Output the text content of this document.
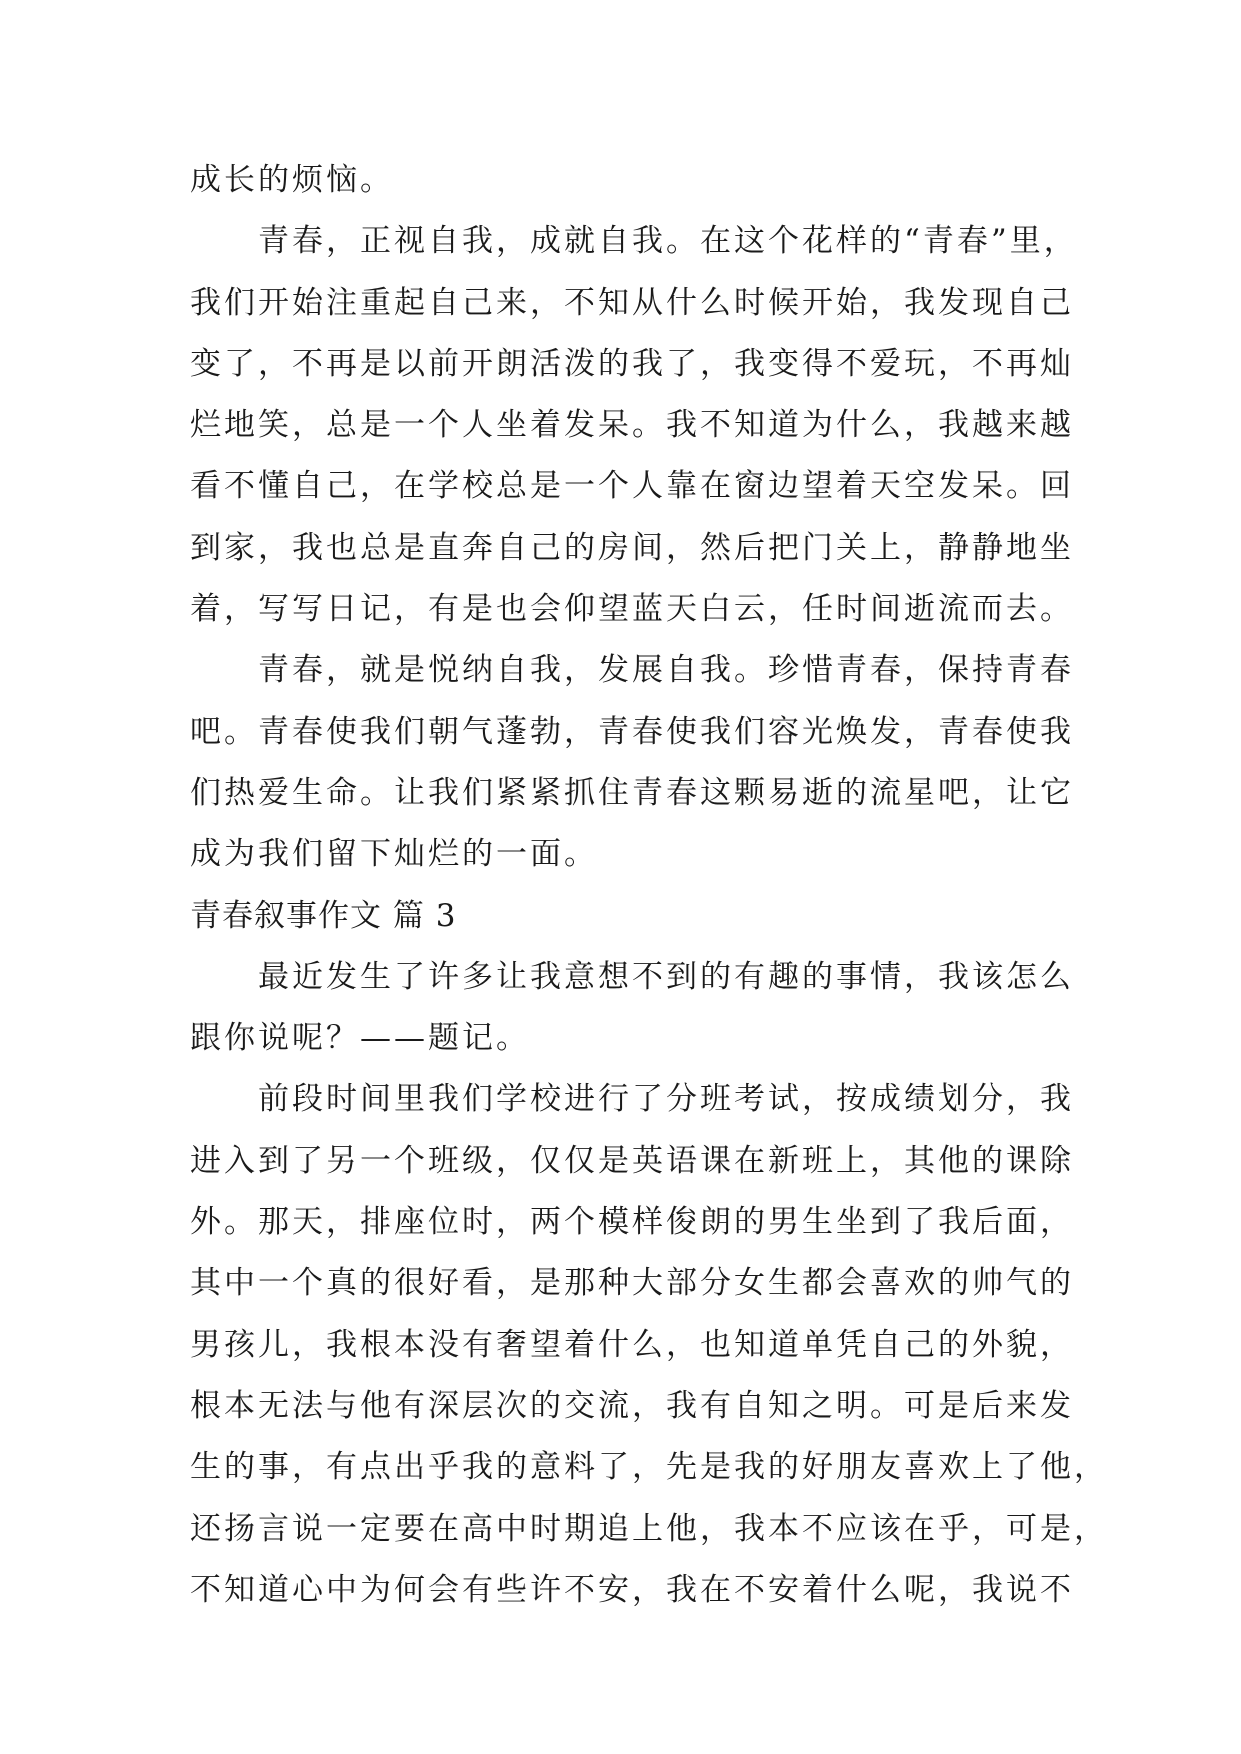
成长的烦恼。
青春，正视自我，成就自我。在这个花样的“青春”里，
我们开始注重起自己来，不知从什么时候开始，我发现自己
变了，不再是以前开朗活泼的我了，我变得不爱玩，不再灿
烂地笑，总是一个人坐着发呆。我不知道为什么，我越来越
看不懂自己，在学校总是一个人靠在窗边望着天空发呆。回
到家，我也总是直奔自己的房间，然后把门关上，静静地坐
着，写写日记，有是也会仰望蓝天白云，任时间逝流而去。
青春，就是悦纳自我，发展自我。珍惜青春，保持青春
吧。青春使我们朝气蓬勃，青春使我们容光焕发，青春使我
们热爱生命。让我们紧紧抓住青春这颗易逝的流星吧，让它
成为我们留下灿烂的一面。
青春叙事作文 篇 3
最近发生了许多让我意想不到的有趣的事情，我该怎么
跟你说呢？——题记。
前段时间里我们学校进行了分班考试，按成绩划分，我
进入到了另一个班级，仅仅是英语课在新班上，其他的课除
外。那天，排座位时，两个模样俊朗的男生坐到了我后面，
其中一个真的很好看，是那种大部分女生都会喜欢的帅气的
男孩儿，我根本没有奢望着什么，也知道单凭自己的外貌，
根本无法与他有深层次的交流，我有自知之明。可是后来发
生的事，有点出乎我的意料了，先是我的好朋友喜欢上了他，
还扬言说一定要在高中时期追上他，我本不应该在乎，可是，
不知道心中为何会有些许不安，我在不安着什么呢，我说不
